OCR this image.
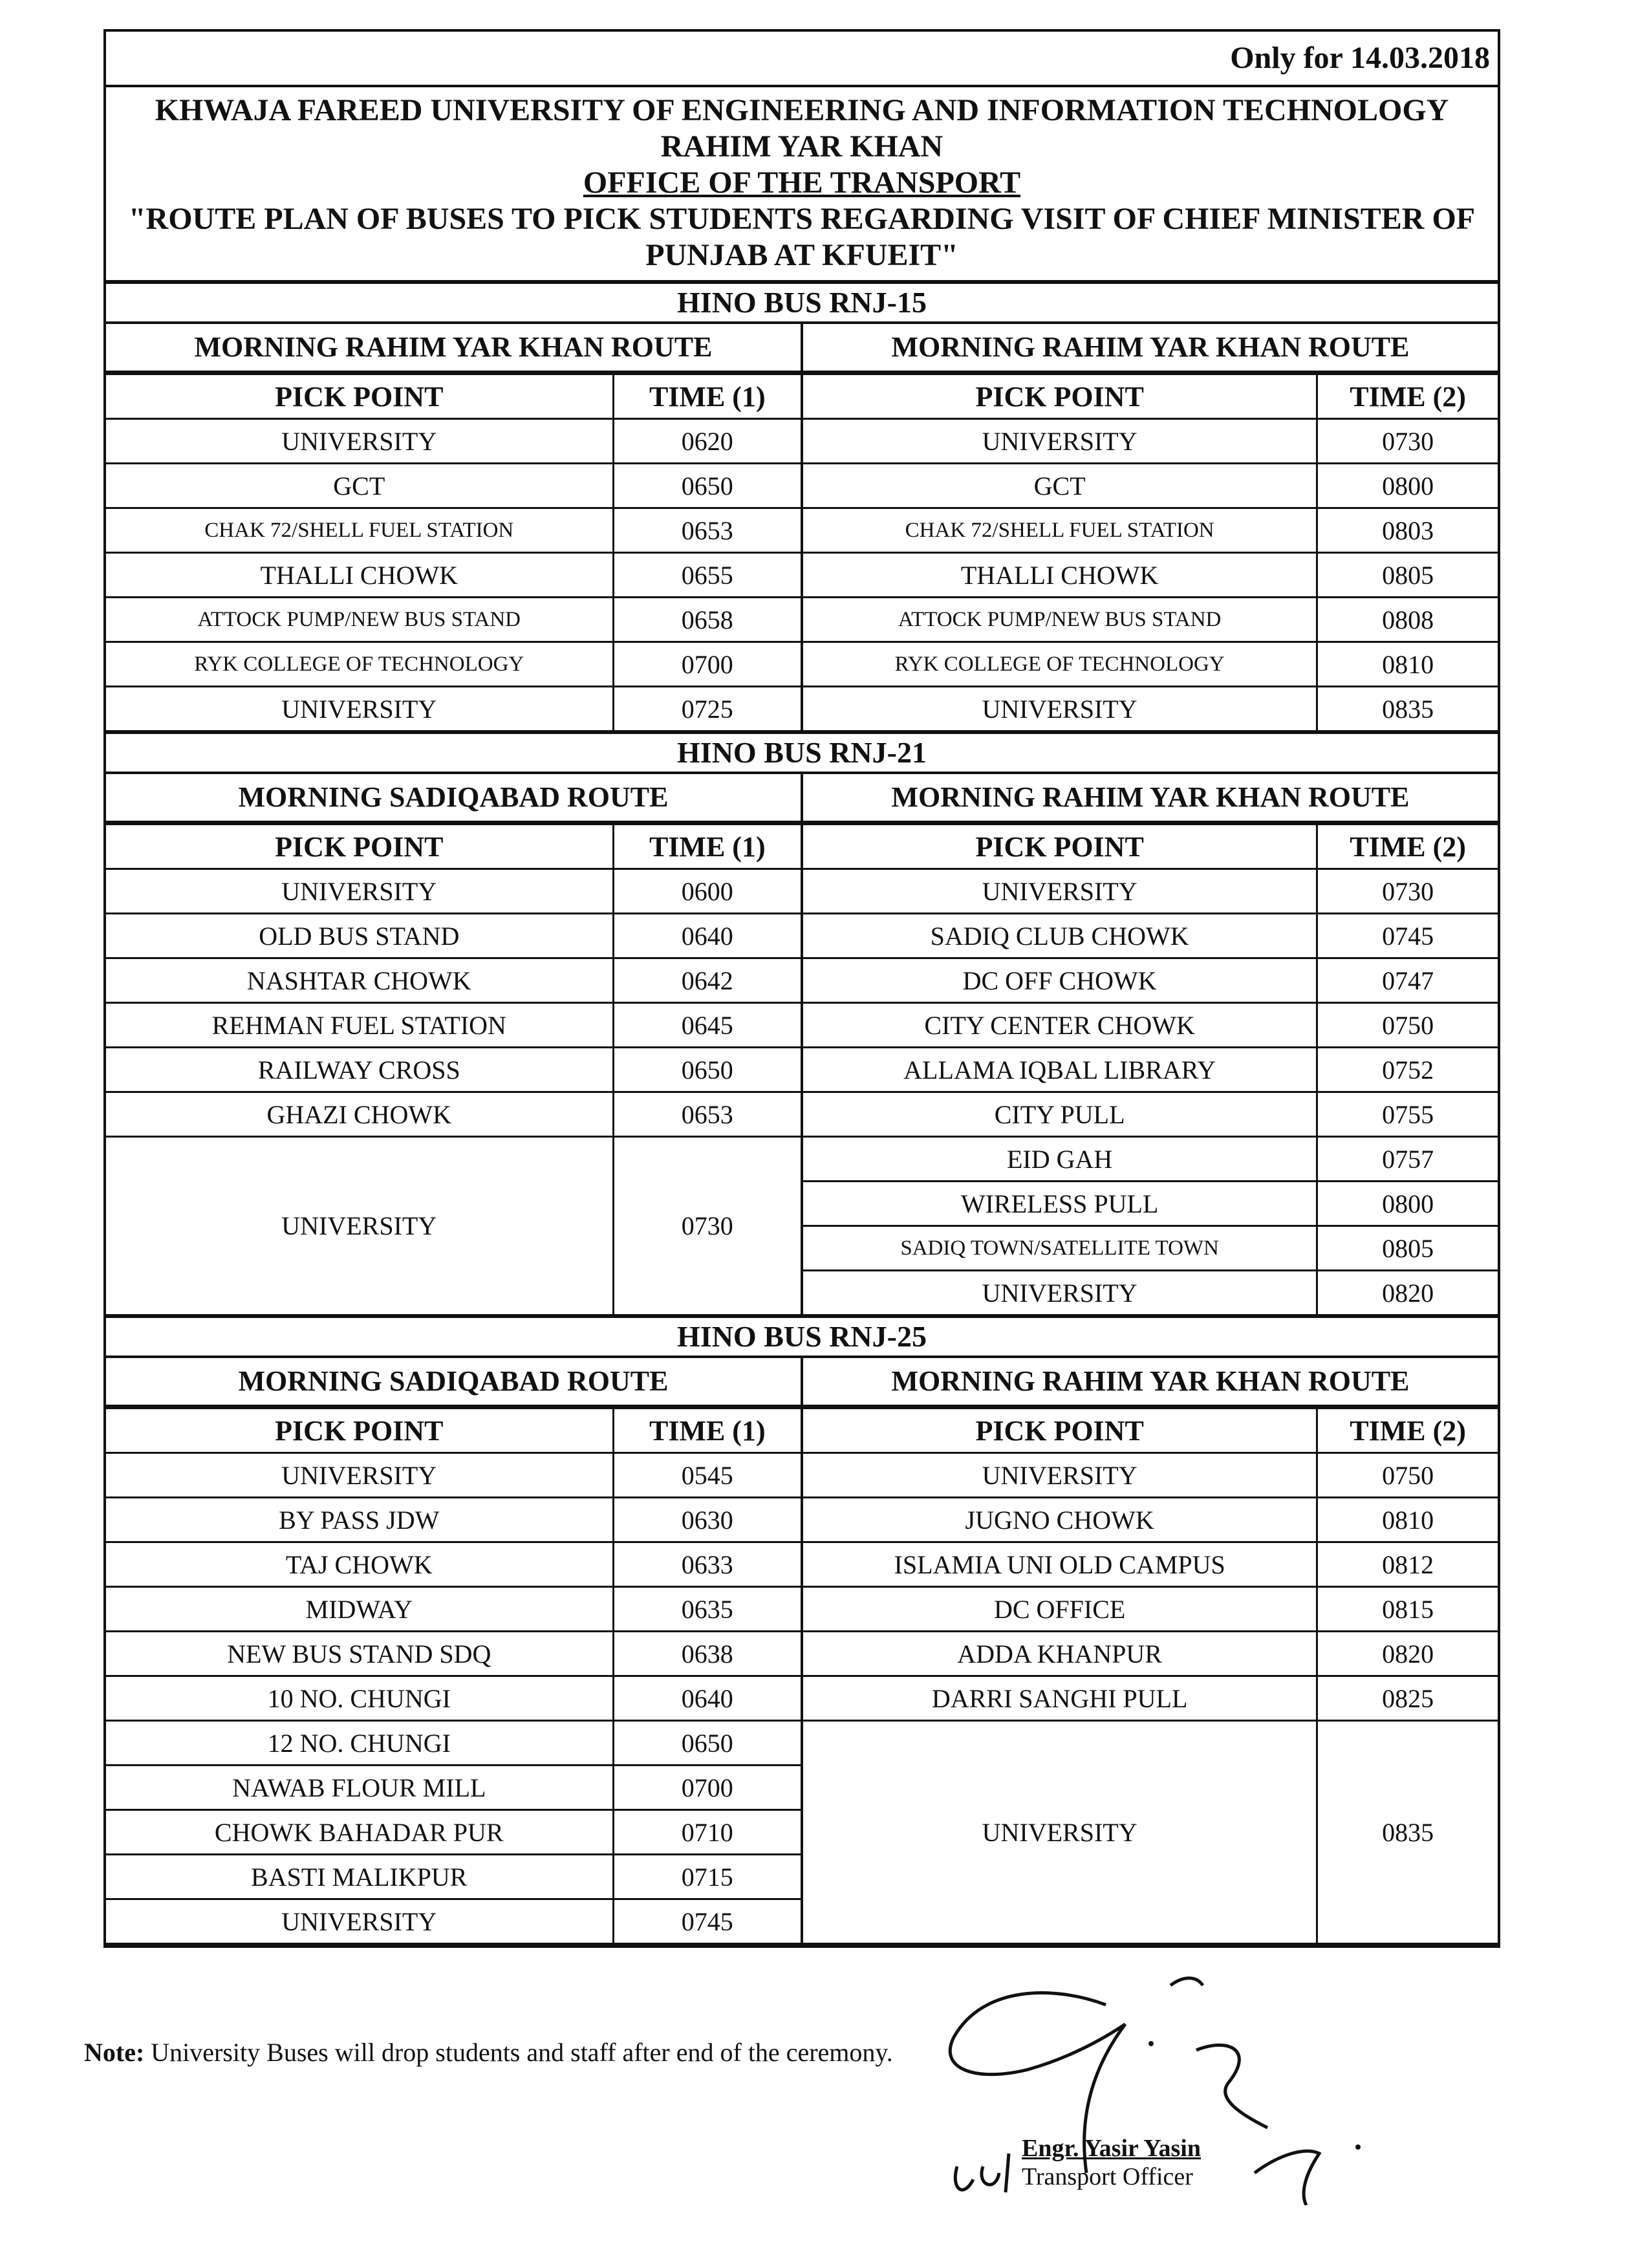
Only for 14.03.2018
KHWAJA FAREED UNIVERSITY OF ENGINEERING AND INFORMATION TECHNOLOGY
RAHIM YAR KHAN
OFFICE OF THE TRANSPORT
"ROUTE PLAN OF BUSES TO PICK STUDENTS REGARDING VISIT OF CHIEF MINISTER OF
PUNJAB AT KFUEIT"
HINO BUS RNJ-15
MORNING RAHIM YAR KHAN ROUTE
PICK POINT	TIME (1)
UNIVERSITY	0620
GCT	0650
CHAK 72/SHELL FUEL STATION	0653
THALLI CHOWK	0655
ATTOCK PUMP/NEW BUS STAND	0658
RYK COLLEGE OF TECHNOLOGY	0700
UNIVERSITY	0725
MORNING RAHIM YAR KHAN ROUTE
PICK POINT	TIME (2)
UNIVERSITY	0730
GCT	0800
CHAK 72/SHELL FUEL STATION	0803
THALLI CHOWK	0805
ATTOCK PUMP/NEW BUS STAND	0808
RYK COLLEGE OF TECHNOLOGY	0810
UNIVERSITY	0835
HINO BUS RNJ-21
MORNING SADIQABAD ROUTE
PICK POINT	TIME (1)
UNIVERSITY	0600
OLD BUS STAND	0640
NASHTAR CHOWK	0642
REHMAN FUEL STATION	0645
RAILWAY CROSS	0650
GHAZI CHOWK	0653
UNIVERSITY	0730
MORNING RAHIM YAR KHAN ROUTE
PICK POINT	TIME (2)
UNIVERSITY	0730
SADIQ CLUB CHOWK	0745
DC OFF CHOWK	0747
CITY CENTER CHOWK	0750
ALLAMA IQBAL LIBRARY	0752
CITY PULL	0755
EID GAH	0757
WIRELESS PULL	0800
SADIQ TOWN/SATELLITE TOWN	0805
UNIVERSITY	0820
HINO BUS RNJ-25
MORNING SADIQABAD ROUTE
PICK POINT	TIME (1)
UNIVERSITY	0545
BY PASS JDW	0630
TAJ CHOWK	0633
MIDWAY	0635
NEW BUS STAND SDQ	0638
10 NO. CHUNGI	0640
12 NO. CHUNGI	0650
NAWAB FLOUR MILL	0700
CHOWK BAHADAR PUR	0710
BASTI MALIKPUR	0715
UNIVERSITY	0745
MORNING RAHIM YAR KHAN ROUTE
PICK POINT	TIME (2)
UNIVERSITY	0750
JUGNO CHOWK	0810
ISLAMIA UNI OLD CAMPUS	0812
DC OFFICE	0815
ADDA KHANPUR	0820
DARRI SANGHI PULL	0825
UNIVERSITY	0835
Note: University Buses will drop students and staff after end of the ceremony.
Engr. Yasir Yasin
Transport Officer
